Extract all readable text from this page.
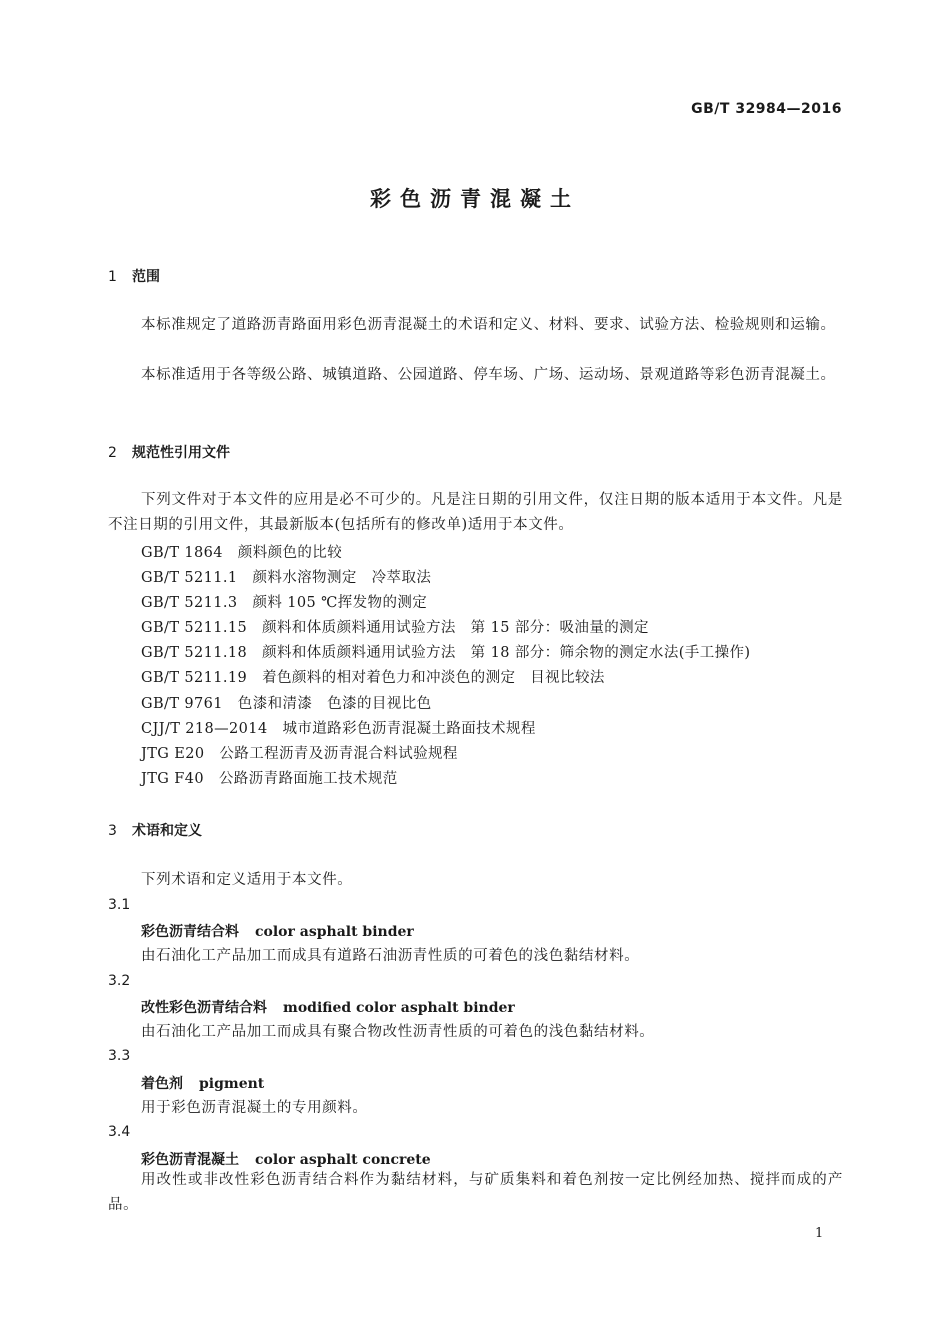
GB/T 32984—2016
彩色沥青混凝土
1 范围
本标准规定了道路沥青路面用彩色沥青混凝土的术语和定义、材料、要求、试验方法、检验规则和运输。
本标准适用于各等级公路、城镇道路、公园道路、停车场、广场、运动场、景观道路等彩色沥青混凝土。
2 规范性引用文件
下列文件对于本文件的应用是必不可少的。凡是注日期的引用文件，仅注日期的版本适用于本文件。凡是不注日期的引用文件，其最新版本(包括所有的修改单)适用于本文件。
GB/T 1864　颜料颜色的比较
GB/T 5211.1　颜料水溶物测定　冷萃取法
GB/T 5211.3　颜料 105 ℃挥发物的测定
GB/T 5211.15　颜料和体质颜料通用试验方法　第 15 部分：吸油量的测定
GB/T 5211.18　颜料和体质颜料通用试验方法　第 18 部分：筛余物的测定水法(手工操作)
GB/T 5211.19　着色颜料的相对着色力和冲淡色的测定　目视比较法
GB/T 9761　色漆和清漆　色漆的目视比色
CJJ/T 218—2014　城市道路彩色沥青混凝土路面技术规程
JTG E20　公路工程沥青及沥青混合料试验规程
JTG F40　公路沥青路面施工技术规范
3 术语和定义
下列术语和定义适用于本文件。
3.1
彩色沥青结合料 color asphalt binder
由石油化工产品加工而成具有道路石油沥青性质的可着色的浅色黏结材料。
3.2
改性彩色沥青结合料 modified color asphalt binder
由石油化工产品加工而成具有聚合物改性沥青性质的可着色的浅色黏结材料。
3.3
着色剂 pigment
用于彩色沥青混凝土的专用颜料。
3.4
彩色沥青混凝土 color asphalt concrete
用改性或非改性彩色沥青结合料作为黏结材料，与矿质集料和着色剂按一定比例经加热、搅拌而成的产品。
1
